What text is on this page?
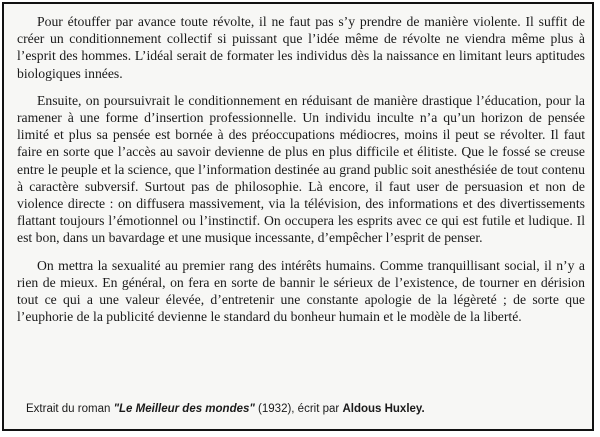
Pour étouffer par avance toute révolte, il ne faut pas s’y prendre de manière violente. Il suffit de créer un conditionnement collectif si puissant que l’idée même de révolte ne viendra même plus à l’esprit des hommes. L’idéal serait de formater les individus dès la naissance en limitant leurs aptitudes biologiques innées.

Ensuite, on poursuivrait le conditionnement en réduisant de manière drastique l’éducation, pour la ramener à une forme d’insertion professionnelle. Un individu inculte n’a qu’un horizon de pensée limité et plus sa pensée est bornée à des préoccupations médiocres, moins il peut se révolter. Il faut faire en sorte que l’accès au savoir devienne de plus en plus difficile et élitiste. Que le fossé se creuse entre le peuple et la science, que l’information destinée au grand public soit anesthésiée de tout contenu à caractère subversif. Surtout pas de philosophie. Là encore, il faut user de persuasion et non de violence directe : on diffusera massivement, via la télévision, des informations et des divertissements flattant toujours l’émotionnel ou l’instinctif. On occupera les esprits avec ce qui est futile et ludique. Il est bon, dans un bavardage et une musique incessante, d’empêcher l’esprit de penser.

On mettra la sexualité au premier rang des intérêts humains. Comme tranquillisant social, il n’y a rien de mieux. En général, on fera en sorte de bannir le sérieux de l’existence, de tourner en dérision tout ce qui a une valeur élevée, d’entretenir une constante apologie de la légèreté ; de sorte que l’euphorie de la publicité devienne le standard du bonheur humain et le modèle de la liberté.

Extrait du roman "Le Meilleur des mondes" (1932), écrit par Aldous Huxley.
